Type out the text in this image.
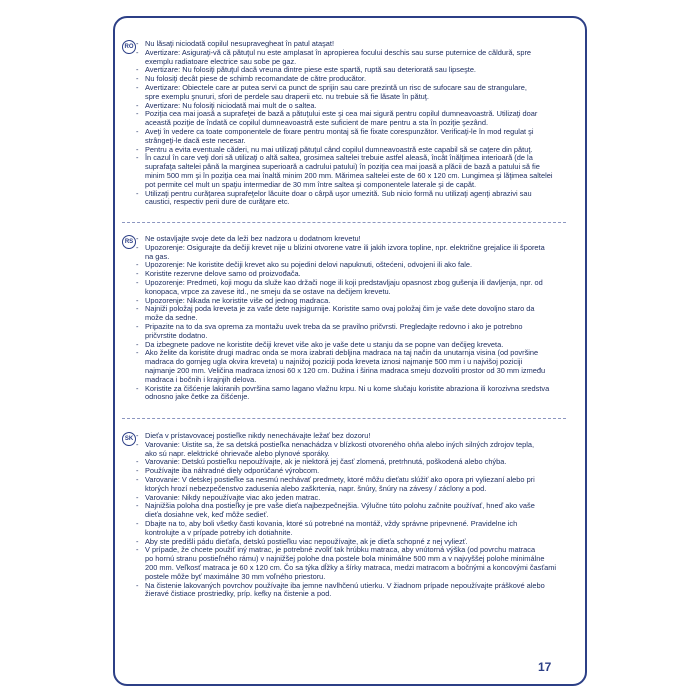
RO	- Nu lăsaţi niciodată copilul nesupravegheat în patul ataşat!
- Avertizare: Asiguraţi-vă că pătuţul nu este amplasat în apropierea focului deschis sau surse puternice de căldură, spre
exemplu radiatoare electrice sau sobe pe gaz.
- Avertizare: Nu folosiţi pătuţul dacă vreuna dintre piese este spartă, ruptă sau deteriorată sau lipseşte.
- Nu folosiţi decât piese de schimb recomandate de către producător.
- Avertizare: Obiectele care ar putea servi ca punct de sprijin sau care prezintă un risc de sufocare sau de strangulare,
spre exemplu şnururi, sfori de perdele sau draperii etc. nu trebuie să fie lăsate în pătuţ.
- Avertizare: Nu folosiţi niciodată mai mult de o saltea.
- Poziţia cea mai joasă a suprafeţei de bază a pătuţului este şi cea mai sigură pentru copilul dumneavoastră. Utilizaţi doar
această poziţie de îndată ce copilul dumneavoastră este suficient de mare pentru a sta în poziţie şezând.
- Aveţi în vedere ca toate componentele de fixare pentru montaj să fie fixate corespunzător. Verificaţi-le în mod regulat şi
strângeţi-le dacă este necesar.
- Pentru a evita eventuale căderi, nu mai utilizaţi pătuţul când copilul dumneavoastră este capabil să se caţere din pătuţ.
- În cazul în care veţi dori să utilizaţi o altă saltea, grosimea saltelei trebuie astfel aleasă, încât înălţimea interioară (de la
suprafaţa saltelei până la marginea superioară a cadrului patului) în poziţia cea mai joasă a plăcii de bază a patului să fie
minim 500 mm şi în poziţia cea mai înaltă minim 200 mm. Mărimea saltelei este de 60 x 120 cm. Lungimea şi lăţimea saltelei
pot permite cel mult un spaţiu intermediar de 30 mm între saltea şi componentele laterale şi de capăt.
- Utilizaţi pentru curăţarea suprafeţelor lăcuite doar o cârpă uşor umezită. Sub nicio formă nu utilizaţi agenţi abrazivi sau
caustici, respectiv perii dure de curăţare etc.
RS	- Ne ostavljajte svoje dete da leži bez nadzora u dodatnom krevetu!
- Upozorenje: Osigurajte da dečiji krevet nije u blizini otvorene vatre ili jakih izvora topline, npr. električne grejalice ili šporeta
na gas.
- Upozorenje: Ne koristite dečiji krevet ako su pojedini delovi napuknuti, oštećeni, odvojeni ili ako fale.
- Koristite rezervne delove samo od proizvođača.
- Upozorenje: Predmeti, koji mogu da služe kao držači noge ili koji predstavljaju opasnost zbog gušenja ili davljenja, npr. od
konopaca, vrpce za zavese itd., ne smeju da se ostave na dečijem krevetu.
- Upozorenje: Nikada ne koristite više od jednog madraca.
- Najniži položaj poda kreveta je za vaše dete najsigurnije. Koristite samo ovaj položaj čim je vaše dete dovoljno staro da
može da sedne.
- Pripazite na to da sva oprema za montažu uvek treba da se pravilno pričvrsti. Pregledajte redovno i ako je potrebno
pričvrstite dodatno.
- Da izbegnete padove ne koristite dečiji krevet više ako je vaše dete u stanju da se popne van dečijeg kreveta.
- Ako želite da koristite drugi madrac onda se mora izabrati debljina madraca na taj način da unutarnja visina (od površine
madraca do gornjeg ugla okvira kreveta) u najnižoj poziciji poda kreveta iznosi najmanje 500 mm i u najvišoj poziciji
najmanje 200 mm. Veličina madraca iznosi 60 x 120 cm. Dužina i širina madraca smeju dozvoliti prostor od 30 mm između
madraca i bočnih i krajnjih delova.
- Koristite za čišćenje lakiranih površina samo lagano vlažnu krpu. Ni u kome slučaju koristite abraziona ili korozivna sredstva
odnosno jake četke za čišćenje.
SK	- Dieťa v prístavovacej postieľke nikdy nenechávajte ležať bez dozoru!
- Varovanie: Uistite sa, že sa detská postieľka nenachádza v blízkosti otvoreného ohňa alebo iných silných zdrojov tepla,
ako sú napr. elektrické ohrievače alebo plynové sporáky.
- Varovanie: Detskú postieľku nepoužívajte, ak je niektorá jej časť zlomená, pretrhnutá, poškodená alebo chýba.
- Používajte iba náhradné diely odporúčané výrobcom.
- Varovanie: V detskej postieľke sa nesmú nechávať predmety, ktoré môžu dieťatu slúžiť ako opora pri vyliezaní alebo pri
ktorých hrozí nebezpečenstvo zadusenia alebo zaškrtenia, napr. šnúry, šnúry na závesy / záclony a pod.
- Varovanie: Nikdy nepoužívajte viac ako jeden matrac.
- Najnižšia poloha dna postieľky je pre vaše dieťa najbezpečnejšia. Výlučne túto polohu začnite používať, hneď ako vaše
dieťa dosiahne vek, keď môže sedieť.
- Dbajte na to, aby boli všetky časti kovania, ktoré sú potrebné na montáž, vždy správne pripevnené. Pravidelne ich
kontrolujte a v prípade potreby ich dotiahnite.
- Aby ste predišli pádu dieťaťa, detskú postieľku viac nepoužívajte, ak je dieťa schopné z nej vyliezť.
- V prípade, že chcete použiť iný matrac, je potrebné zvoliť tak hrúbku matraca, aby vnútorná výška (od povrchu matraca
po hornú stranu postieľného rámu) v najnižšej polohe dna postele bola minimálne 500 mm a v najvyššej polohe minimálne
200 mm. Veľkosť matraca je 60 x 120 cm. Čo sa týka dĺžky a šírky matraca, medzi matracom a bočnými a koncovými časťami
postele môže byť maximálne 30 mm voľného priestoru.
- Na čistenie lakovaných povrchov používajte iba jemne navlhčenú utierku. V žiadnom prípade nepoužívajte práškové alebo
žieravé čistiace prostriedky, príp. kefky na čistenie a pod.
17
